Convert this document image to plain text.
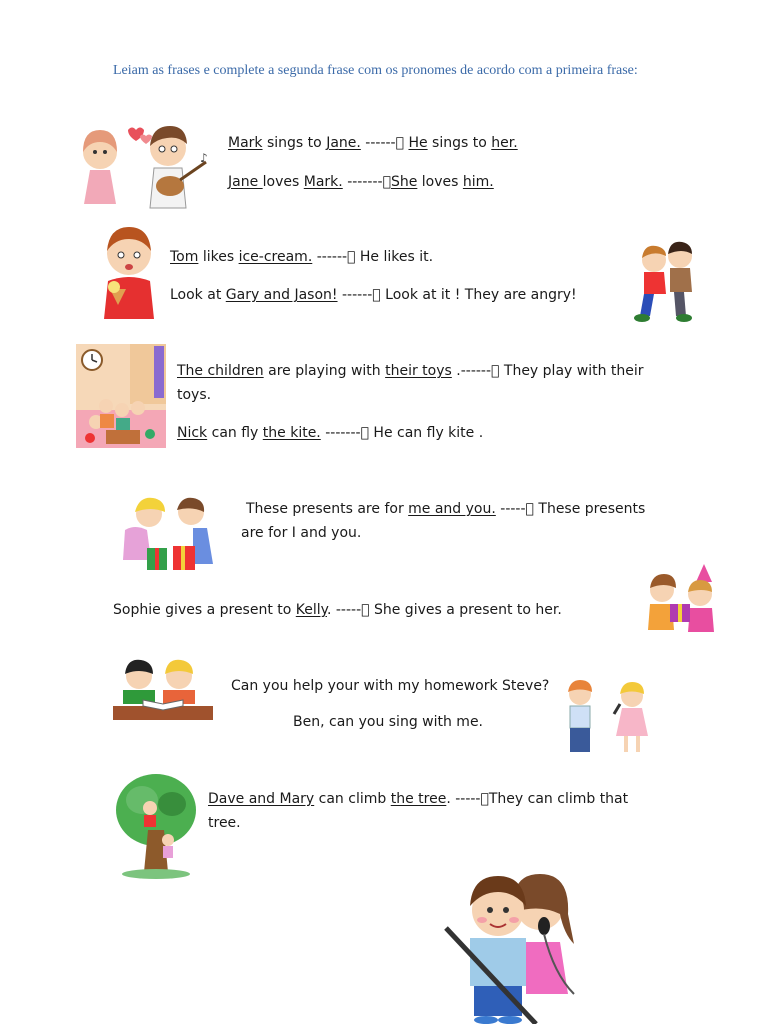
Leiam as frases e complete a segunda frase com os pronomes de acordo com a primeira frase:
Mark sings to Jane. ------  He sings to her.
Jane loves Mark. ------- She loves him.
Tom likes ice-cream. ------  He likes it.
Look at Gary and Jason! ------  Look at it ! They are angry!
The children are playing with their toys .------  They play with their toys.
Nick can fly the kite. -------  He can fly kite .
These presents are for me and you. -----  These presents are for I and you.
Sophie gives a present to Kelly. -----  She gives a present to her.
Can you help your with my homework Steve?
Ben, can you sing with me.
Dave and Mary can climb the tree. ----- They can climb that tree.
♪
